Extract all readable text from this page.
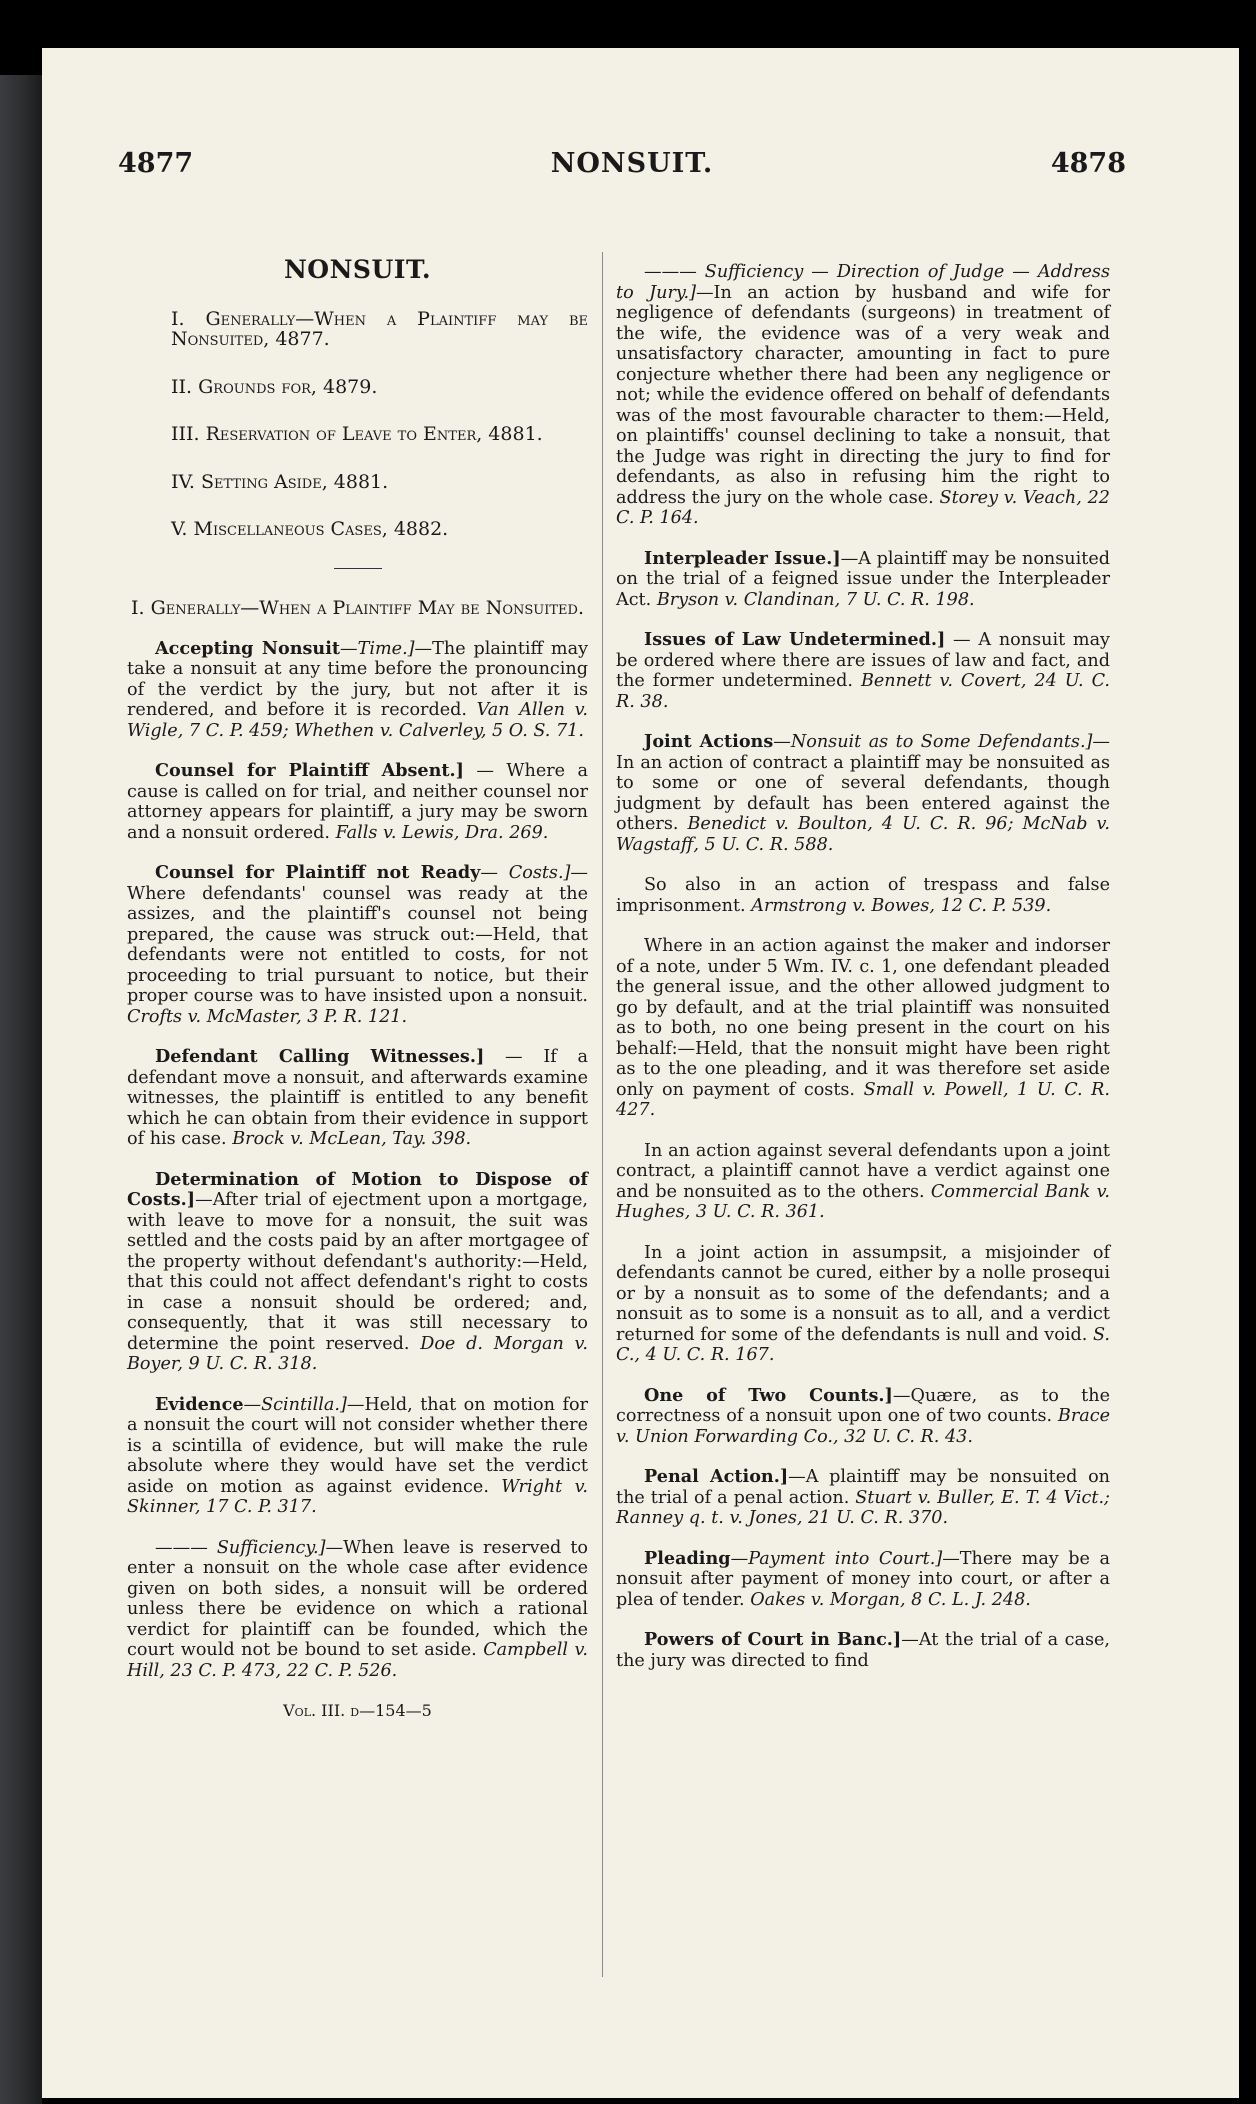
4877	NONSUIT.	4878
NONSUIT.
I. Generally—When a Plaintiff may be Nonsuited, 4877.
II. Grounds for, 4879.
III. Reservation of Leave to Enter, 4881.
IV. Setting Aside, 4881.
V. Miscellaneous Cases, 4882.
I. Generally—When a Plaintiff May be Nonsuited.

Accepting Nonsuit—Time.]—The plaintiff may take a nonsuit at any time before the pronouncing of the verdict by the jury, but not after it is rendered, and before it is recorded. Van Allen v. Wigle, 7 C. P. 459; Whethen v. Calverley, 5 O. S. 71.

Counsel for Plaintiff Absent.] — Where a cause is called on for trial, and neither counsel nor attorney appears for plaintiff, a jury may be sworn and a nonsuit ordered. Falls v. Lewis, Dra. 269.

Counsel for Plaintiff not Ready— Costs.]—Where defendants' counsel was ready at the assizes, and the plaintiff's counsel not being prepared, the cause was struck out:—Held, that defendants were not entitled to costs, for not proceeding to trial pursuant to notice, but their proper course was to have insisted upon a nonsuit. Crofts v. McMaster, 3 P. R. 121.

Defendant Calling Witnesses.] — If a defendant move a nonsuit, and afterwards examine witnesses, the plaintiff is entitled to any benefit which he can obtain from their evidence in support of his case. Brock v. McLean, Tay. 398.

Determination of Motion to Dispose of Costs.]—After trial of ejectment upon a mortgage, with leave to move for a nonsuit, the suit was settled and the costs paid by an after mortgagee of the property without defendant's authority:—Held, that this could not affect defendant's right to costs in case a nonsuit should be ordered; and, consequently, that it was still necessary to determine the point reserved. Doe d. Morgan v. Boyer, 9 U. C. R. 318.

Evidence—Scintilla.]—Held, that on motion for a nonsuit the court will not consider whether there is a scintilla of evidence, but will make the rule absolute where they would have set the verdict aside on motion as against evidence. Wright v. Skinner, 17 C. P. 317.

——— Sufficiency.]—When leave is reserved to enter a nonsuit on the whole case after evidence given on both sides, a nonsuit will be ordered unless there be evidence on which a rational verdict for plaintiff can be founded, which the court would not be bound to set aside. Campbell v. Hill, 23 C. P. 473, 22 C. P. 526.

Vol. III. d—154—5

——— Sufficiency — Direction of Judge — Address to Jury.]—In an action by husband and wife for negligence of defendants (surgeons) in treatment of the wife, the evidence was of a very weak and unsatisfactory character, amounting in fact to pure conjecture whether there had been any negligence or not; while the evidence offered on behalf of defendants was of the most favourable character to them:—Held, on plaintiffs' counsel declining to take a nonsuit, that the Judge was right in directing the jury to find for defendants, as also in refusing him the right to address the jury on the whole case. Storey v. Veach, 22 C. P. 164.

Interpleader Issue.]—A plaintiff may be nonsuited on the trial of a feigned issue under the Interpleader Act. Bryson v. Clandinan, 7 U. C. R. 198.

Issues of Law Undetermined.] — A nonsuit may be ordered where there are issues of law and fact, and the former undetermined. Bennett v. Covert, 24 U. C. R. 38.

Joint Actions—Nonsuit as to Some Defendants.]—In an action of contract a plaintiff may be nonsuited as to some or one of several defendants, though judgment by default has been entered against the others. Benedict v. Boulton, 4 U. C. R. 96; McNab v. Wagstaff, 5 U. C. R. 588.

So also in an action of trespass and false imprisonment. Armstrong v. Bowes, 12 C. P. 539.

Where in an action against the maker and indorser of a note, under 5 Wm. IV. c. 1, one defendant pleaded the general issue, and the other allowed judgment to go by default, and at the trial plaintiff was nonsuited as to both, no one being present in the court on his behalf:—Held, that the nonsuit might have been right as to the one pleading, and it was therefore set aside only on payment of costs. Small v. Powell, 1 U. C. R. 427.

In an action against several defendants upon a joint contract, a plaintiff cannot have a verdict against one and be nonsuited as to the others. Commercial Bank v. Hughes, 3 U. C. R. 361.

In a joint action in assumpsit, a misjoinder of defendants cannot be cured, either by a nolle prosequi or by a nonsuit as to some of the defendants; and a nonsuit as to some is a nonsuit as to all, and a verdict returned for some of the defendants is null and void. S. C., 4 U. C. R. 167.

One of Two Counts.]—Quære, as to the correctness of a nonsuit upon one of two counts. Brace v. Union Forwarding Co., 32 U. C. R. 43.

Penal Action.]—A plaintiff may be nonsuited on the trial of a penal action. Stuart v. Buller, E. T. 4 Vict.; Ranney q. t. v. Jones, 21 U. C. R. 370.

Pleading—Payment into Court.]—There may be a nonsuit after payment of money into court, or after a plea of tender. Oakes v. Morgan, 8 C. L. J. 248.

Powers of Court in Banc.]—At the trial of a case, the jury was directed to find
